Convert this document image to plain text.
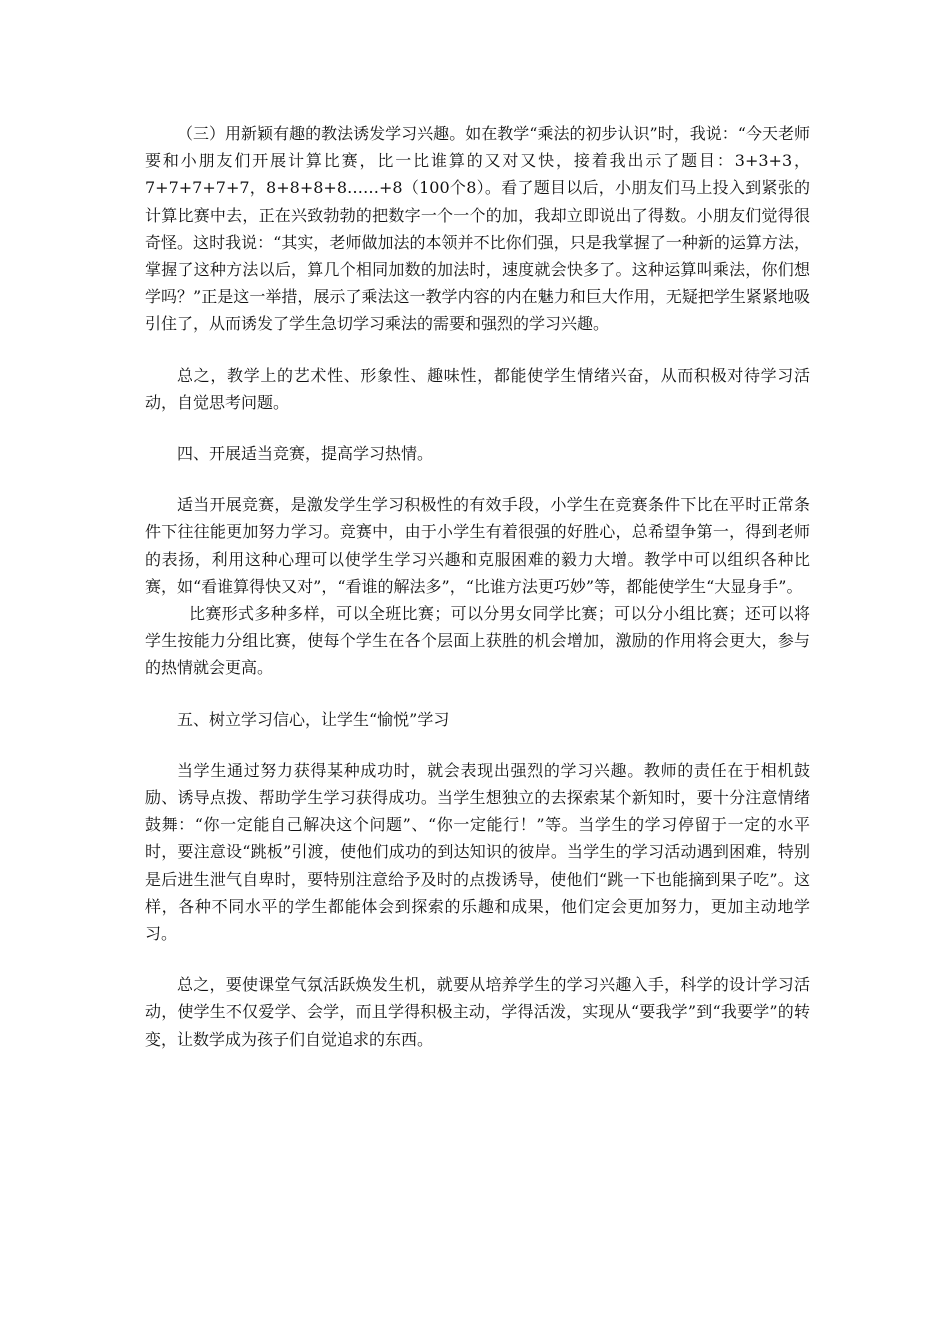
（三）用新颖有趣的教法诱发学习兴趣。如在教学“乘法的初步认识”时，我说：“今天老师要和小朋友们开展计算比赛，比一比谁算的又对又快，接着我出示了题目：3+3+3，7+7+7+7+7，8+8+8+8……+8（100个8）。看了题目以后，小朋友们马上投入到紧张的计算比赛中去，正在兴致勃勃的把数字一个一个的加，我却立即说出了得数。小朋友们觉得很奇怪。这时我说：“其实，老师做加法的本领并不比你们强，只是我掌握了一种新的运算方法，掌握了这种方法以后，算几个相同加数的加法时，速度就会快多了。这种运算叫乘法，你们想学吗？”正是这一举措，展示了乘法这一教学内容的内在魅力和巨大作用，无疑把学生紧紧地吸引住了，从而诱发了学生急切学习乘法的需要和强烈的学习兴趣。

总之，教学上的艺术性、形象性、趣味性，都能使学生情绪兴奋，从而积极对待学习活动，自觉思考问题。

四、开展适当竞赛，提高学习热情。

适当开展竞赛，是激发学生学习积极性的有效手段，小学生在竞赛条件下比在平时正常条件下往往能更加努力学习。竞赛中，由于小学生有着很强的好胜心，总希望争第一，得到老师的表扬，利用这种心理可以使学生学习兴趣和克服困难的毅力大增。教学中可以组织各种比赛，如“看谁算得快又对”，“看谁的解法多”，“比谁方法更巧妙”等，都能使学生“大显身手”。

比赛形式多种多样，可以全班比赛；可以分男女同学比赛；可以分小组比赛；还可以将学生按能力分组比赛，使每个学生在各个层面上获胜的机会增加，激励的作用将会更大，参与的热情就会更高。

五、树立学习信心，让学生“愉悦”学习

当学生通过努力获得某种成功时，就会表现出强烈的学习兴趣。教师的责任在于相机鼓励、诱导点拨、帮助学生学习获得成功。当学生想独立的去探索某个新知时，要十分注意情绪鼓舞：“你一定能自己解决这个问题”、“你一定能行！”等。当学生的学习停留于一定的水平时，要注意设“跳板”引渡，使他们成功的到达知识的彼岸。当学生的学习活动遇到困难，特别是后进生泄气自卑时，要特别注意给予及时的点拨诱导，使他们“跳一下也能摘到果子吃”。这样，各种不同水平的学生都能体会到探索的乐趣和成果，他们定会更加努力，更加主动地学习。

总之，要使课堂气氛活跃焕发生机，就要从培养学生的学习兴趣入手，科学的设计学习活动，使学生不仅爱学、会学，而且学得积极主动，学得活泼，实现从“要我学”到“我要学”的转变，让数学成为孩子们自觉追求的东西。
